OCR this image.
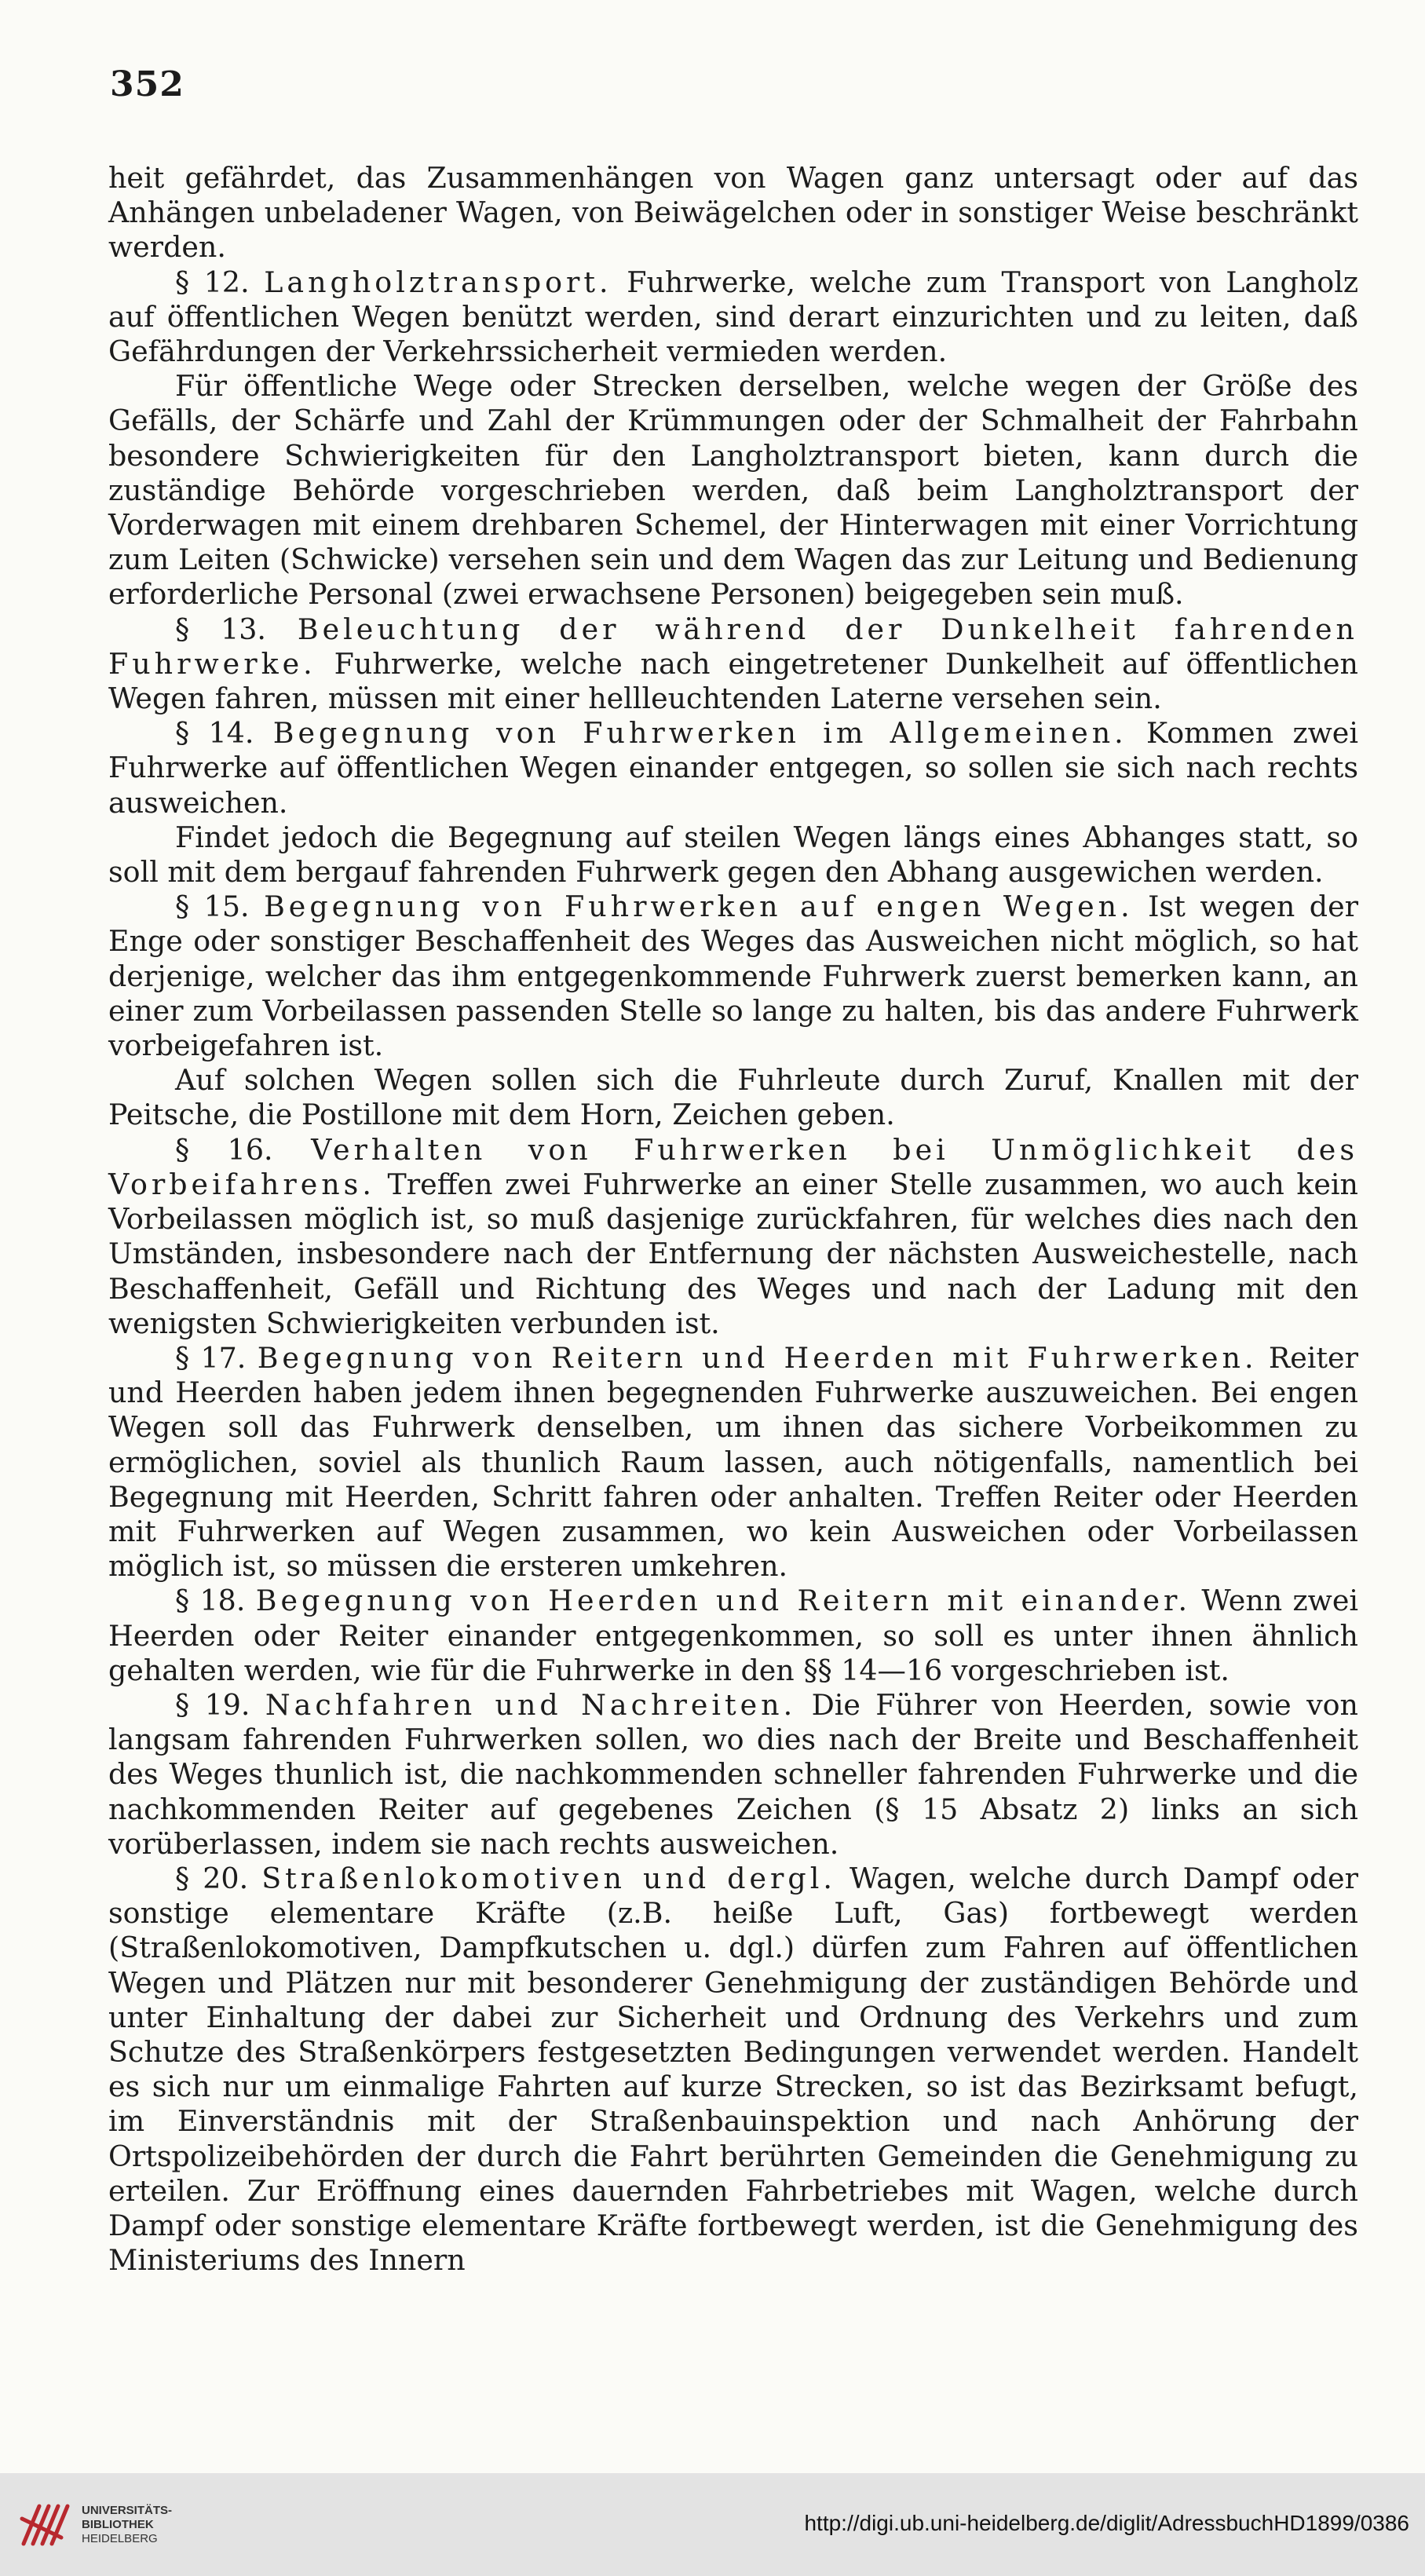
352

heit gefährdet, das Zusammenhängen von Wagen ganz untersagt oder auf das Anhängen unbeladener Wagen, von Beiwägelchen oder in sonstiger Weise beschränkt werden.

§ 12. Langholztransport. Fuhrwerke, welche zum Transport von Langholz auf öffentlichen Wegen benützt werden, sind derart einzurichten und zu leiten, daß Gefährdungen der Verkehrssicherheit vermieden werden.

Für öffentliche Wege oder Strecken derselben, welche wegen der Größe des Gefälls, der Schärfe und Zahl der Krümmungen oder der Schmalheit der Fahrbahn besondere Schwierigkeiten für den Langholztransport bieten, kann durch die zuständige Behörde vorgeschrieben werden, daß beim Langholztransport der Vorderwagen mit einem drehbaren Schemel, der Hinterwagen mit einer Vorrichtung zum Leiten (Schwicke) versehen sein und dem Wagen das zur Leitung und Bedienung erforderliche Personal (zwei erwachsene Personen) beigegeben sein muß.

§ 13. Beleuchtung der während der Dunkelheit fahrenden Fuhrwerke. Fuhrwerke, welche nach eingetretener Dunkelheit auf öffentlichen Wegen fahren, müssen mit einer hellleuchtenden Laterne versehen sein.

§ 14. Begegnung von Fuhrwerken im Allgemeinen. Kommen zwei Fuhrwerke auf öffentlichen Wegen einander entgegen, so sollen sie sich nach rechts ausweichen.

Findet jedoch die Begegnung auf steilen Wegen längs eines Abhanges statt, so soll mit dem bergauf fahrenden Fuhrwerk gegen den Abhang ausgewichen werden.

§ 15. Begegnung von Fuhrwerken auf engen Wegen. Ist wegen der Enge oder sonstiger Beschaffenheit des Weges das Ausweichen nicht möglich, so hat derjenige, welcher das ihm entgegenkommende Fuhrwerk zuerst bemerken kann, an einer zum Vorbeilassen passenden Stelle so lange zu halten, bis das andere Fuhrwerk vorbeigefahren ist.

Auf solchen Wegen sollen sich die Fuhrleute durch Zuruf, Knallen mit der Peitsche, die Postillone mit dem Horn, Zeichen geben.

§ 16. Verhalten von Fuhrwerken bei Unmöglichkeit des Vorbeifahrens. Treffen zwei Fuhrwerke an einer Stelle zusammen, wo auch kein Vorbeilassen möglich ist, so muß dasjenige zurückfahren, für welches dies nach den Umständen, insbesondere nach der Entfernung der nächsten Ausweichestelle, nach Beschaffenheit, Gefäll und Richtung des Weges und nach der Ladung mit den wenigsten Schwierigkeiten verbunden ist.

§ 17. Begegnung von Reitern und Heerden mit Fuhrwerken. Reiter und Heerden haben jedem ihnen begegnenden Fuhrwerke auszuweichen. Bei engen Wegen soll das Fuhrwerk denselben, um ihnen das sichere Vorbeikommen zu ermöglichen, soviel als thunlich Raum lassen, auch nötigenfalls, namentlich bei Begegnung mit Heerden, Schritt fahren oder anhalten. Treffen Reiter oder Heerden mit Fuhrwerken auf Wegen zusammen, wo kein Ausweichen oder Vorbeilassen möglich ist, so müssen die ersteren umkehren.

§ 18. Begegnung von Heerden und Reitern mit einander. Wenn zwei Heerden oder Reiter einander entgegenkommen, so soll es unter ihnen ähnlich gehalten werden, wie für die Fuhrwerke in den §§ 14—16 vorgeschrieben ist.

§ 19. Nachfahren und Nachreiten. Die Führer von Heerden, sowie von langsam fahrenden Fuhrwerken sollen, wo dies nach der Breite und Beschaffenheit des Weges thunlich ist, die nachkommenden schneller fahrenden Fuhrwerke und die nachkommenden Reiter auf gegebenes Zeichen (§ 15 Absatz 2) links an sich vorüberlassen, indem sie nach rechts ausweichen.

§ 20. Straßenlokomotiven und dergl. Wagen, welche durch Dampf oder sonstige elementare Kräfte (z.B. heiße Luft, Gas) fortbewegt werden (Straßenlokomotiven, Dampfkutschen u. dgl.) dürfen zum Fahren auf öffentlichen Wegen und Plätzen nur mit besonderer Genehmigung der zuständigen Behörde und unter Einhaltung der dabei zur Sicherheit und Ordnung des Verkehrs und zum Schutze des Straßenkörpers festgesetzten Bedingungen verwendet werden. Handelt es sich nur um einmalige Fahrten auf kurze Strecken, so ist das Bezirksamt befugt, im Einverständnis mit der Straßenbauinspektion und nach Anhörung der Ortspolizeibehörden der durch die Fahrt berührten Gemeinden die Genehmigung zu erteilen. Zur Eröffnung eines dauernden Fahrbetriebes mit Wagen, welche durch Dampf oder sonstige elementare Kräfte fortbewegt werden, ist die Genehmigung des Ministeriums des Innern

UNIVERSITÄTS-
BIBLIOTHEK
HEIDELBERG
http://digi.ub.uni-heidelberg.de/diglit/AdressbuchHD1899/0386
